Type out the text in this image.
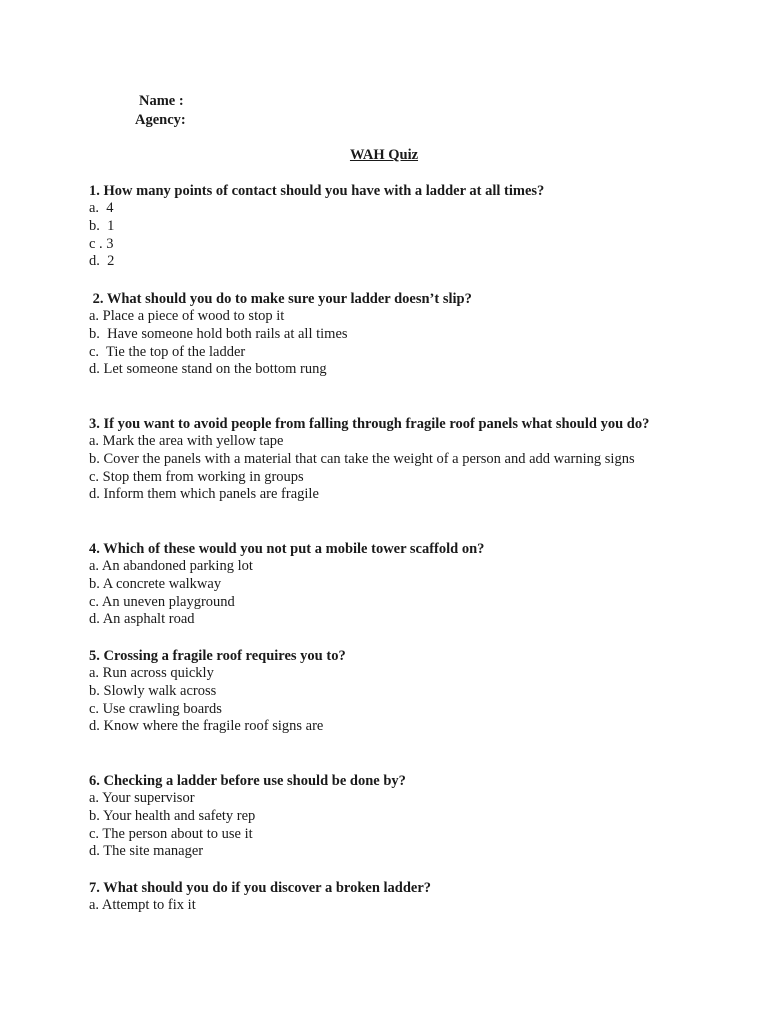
Name :
Agency:
WAH Quiz

1. How many points of contact should you have with a ladder at all times?

a.  4

b.  1

c . 3

d.  2

2. What should you do to make sure your ladder doesn’t slip?

a. Place a piece of wood to stop it

b.  Have someone hold both rails at all times

c.  Tie the top of the ladder

d. Let someone stand on the bottom rung

3. If you want to avoid people from falling through fragile roof panels what should you do?

a. Mark the area with yellow tape

b. Cover the panels with a material that can take the weight of a person and add warning signs

c. Stop them from working in groups

d. Inform them which panels are fragile

4. Which of these would you not put a mobile tower scaffold on?

a. An abandoned parking lot

b. A concrete walkway

c. An uneven playground

d. An asphalt road

5. Crossing a fragile roof requires you to?

a. Run across quickly

b. Slowly walk across

c. Use crawling boards

d. Know where the fragile roof signs are

6. Checking a ladder before use should be done by?

a. Your supervisor

b. Your health and safety rep

c. The person about to use it

d. The site manager

7. What should you do if you discover a broken ladder?

a. Attempt to fix it
